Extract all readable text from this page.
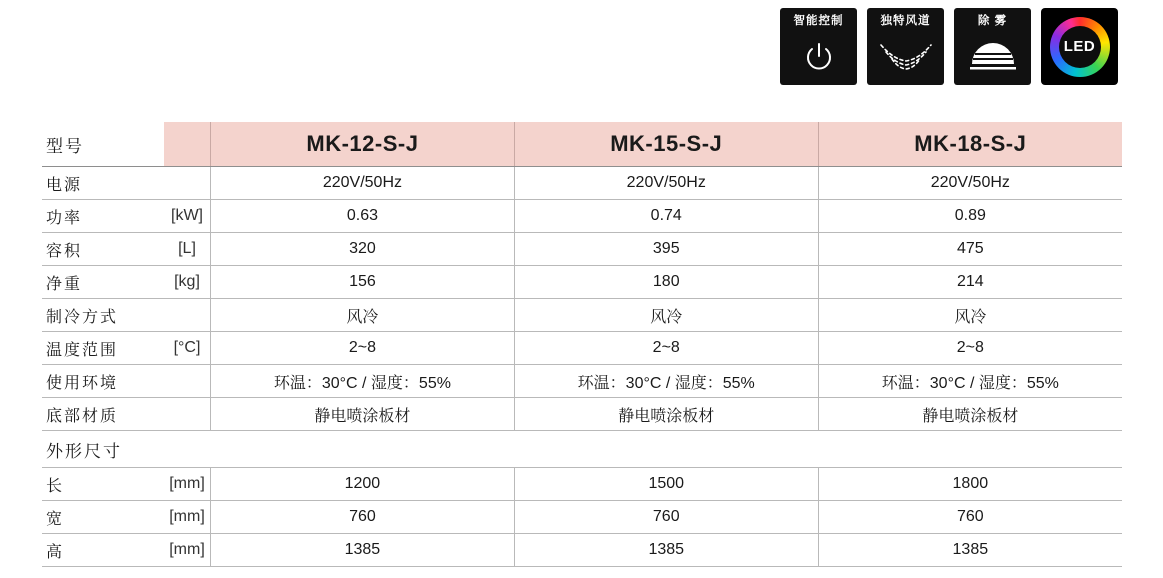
智能控制	独特风道	除 雾
LED
型号		MK-12-S-J	MK-15-S-J	MK-18-S-J
电源		220V/50Hz	220V/50Hz	220V/50Hz
功率	[kW]	0.63	0.74	0.89
容积	[L]	320	395	475
净重	[kg]	156	180	214
制冷方式		风冷	风冷	风冷
温度范围	[°C]	2~8	2~8	2~8
使用环境		环温：30°C / 湿度：55%	环温：30°C / 湿度：55%	环温：30°C / 湿度：55%
底部材质		静电喷涂板材	静电喷涂板材	静电喷涂板材
外形尺寸				
长	[mm]	1200	1500	1800
宽	[mm]	760	760	760
高	[mm]	1385	1385	1385
